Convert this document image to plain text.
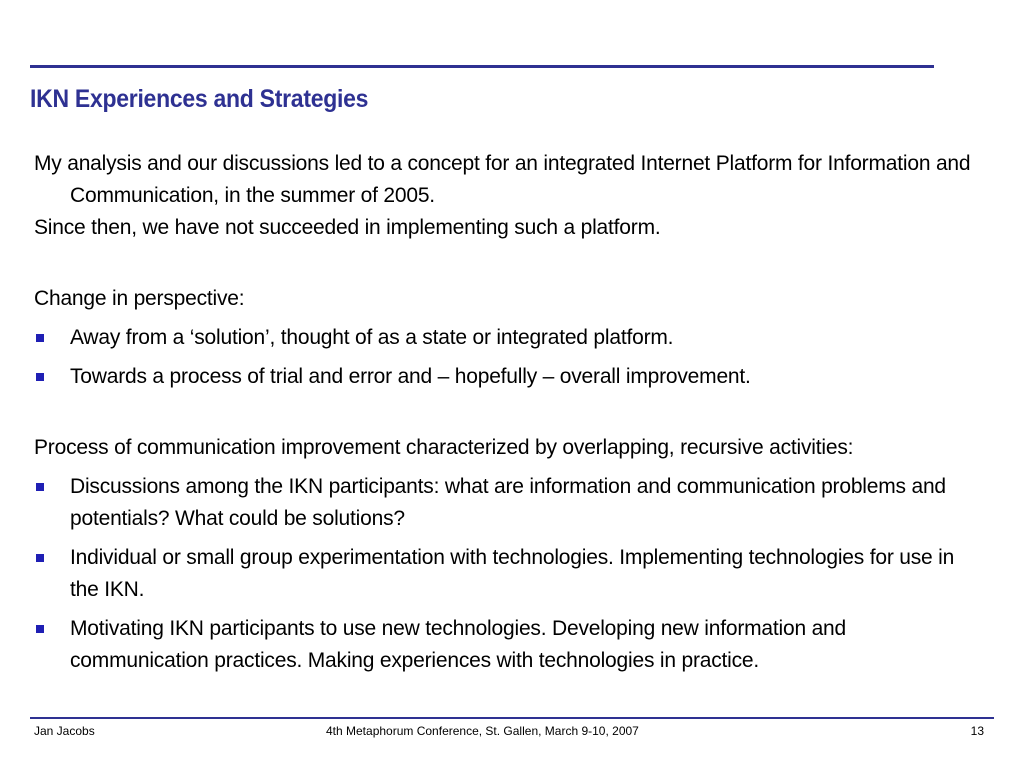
IKN Experiences and Strategies

My analysis and our discussions led to a concept for an integrated Internet Platform for Information and Communication, in the summer of 2005.

Since then, we have not succeeded in implementing such a platform.

Change in perspective:

Away from a ‘solution’, thought of as a state or integrated platform.
Towards a process of trial and error and – hopefully – overall improvement.

Process of communication improvement characterized by overlapping, recursive activities:

Discussions among the IKN participants: what are information and communication problems and potentials? What could be solutions?
Individual or small group experimentation with technologies. Implementing technologies for use in the IKN.
Motivating IKN participants to use new technologies. Developing new information and communication practices. Making experiences with technologies in practice.
Jan Jacobs	4th Metaphorum Conference, St. Gallen, March 9-10, 2007	13
